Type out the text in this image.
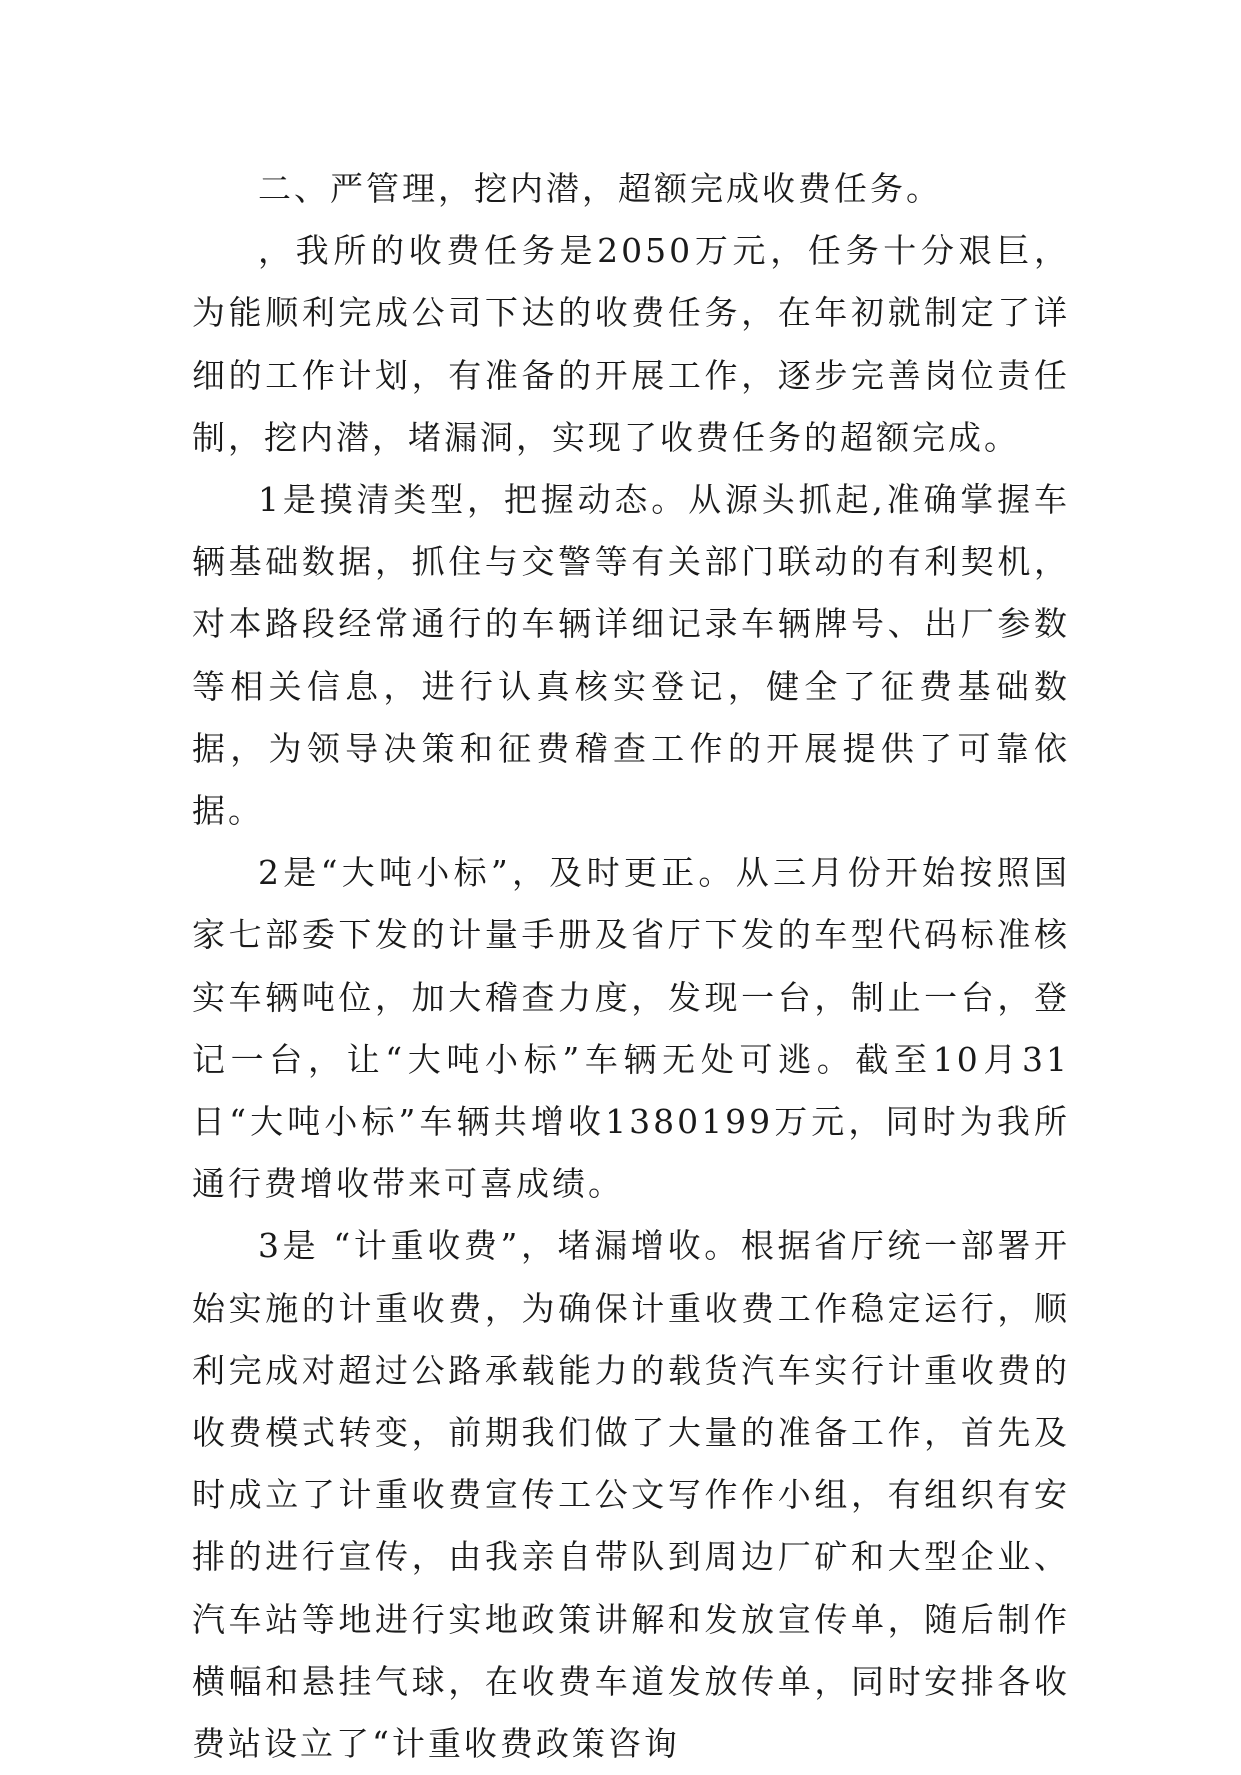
二、严管理，挖内潜，超额完成收费任务。

，我所的收费任务是2050万元，任务十分艰巨，为能顺利完成公司下达的收费任务，在年初就制定了详细的工作计划，有准备的开展工作，逐步完善岗位责任制，挖内潜，堵漏洞，实现了收费任务的超额完成。

1是摸清类型，把握动态。从源头抓起,准确掌握车辆基础数据，抓住与交警等有关部门联动的有利契机，对本路段经常通行的车辆详细记录车辆牌号、出厂参数等相关信息，进行认真核实登记，健全了征费基础数据，为领导决策和征费稽查工作的开展提供了可靠依据。

2是“大吨小标”，及时更正。从三月份开始按照国家七部委下发的计量手册及省厅下发的车型代码标准核实车辆吨位，加大稽查力度，发现一台，制止一台，登记一台，让“大吨小标”车辆无处可逃。截至10月31日“大吨小标”车辆共增收1380199万元，同时为我所通行费增收带来可喜成绩。

3是 “计重收费”，堵漏增收。根据省厅统一部署开始实施的计重收费，为确保计重收费工作稳定运行，顺利完成对超过公路承载能力的载货汽车实行计重收费的收费模式转变，前期我们做了大量的准备工作，首先及时成立了计重收费宣传工公文写作作小组，有组织有安排的进行宣传，由我亲自带队到周边厂矿和大型企业、汽车站等地进行实地政策讲解和发放宣传单，随后制作横幅和悬挂气球，在收费车道发放传单，同时安排各收费站设立了“计重收费政策咨询
